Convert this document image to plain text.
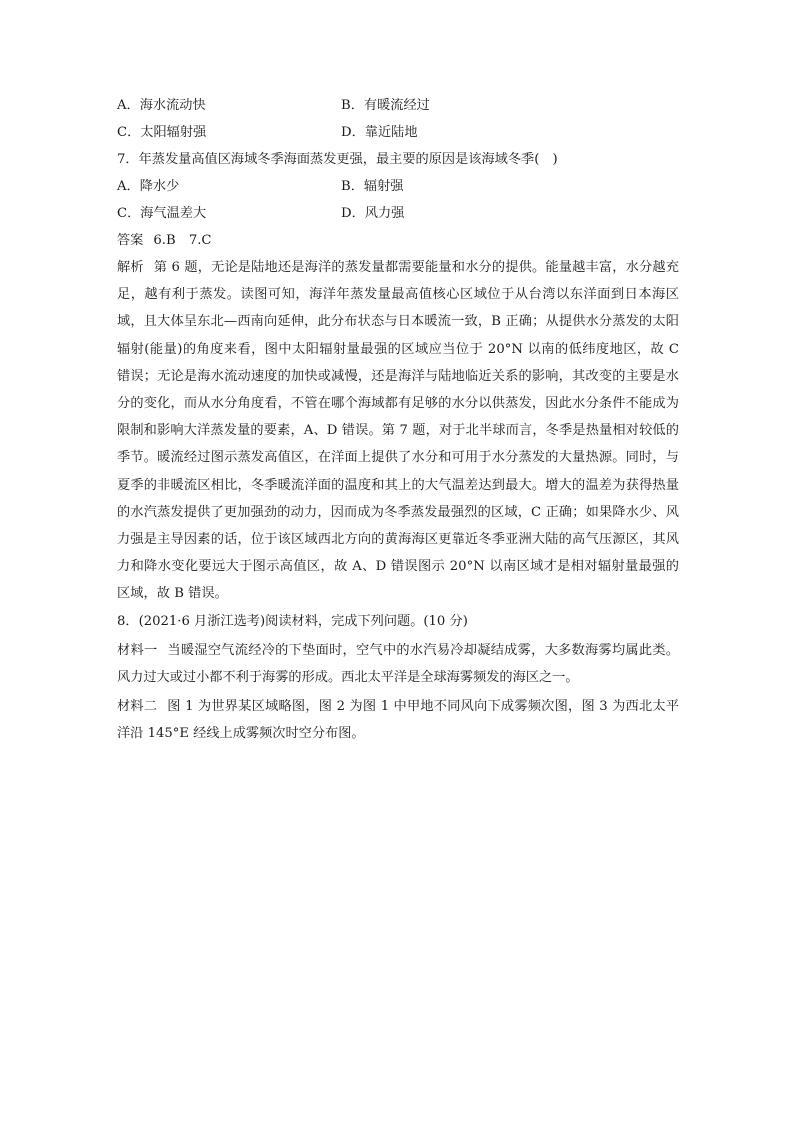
A．海水流动快	B．有暖流经过
C．太阳辐射强	D．靠近陆地
7．年蒸发量高值区海域冬季海面蒸发更强，最主要的原因是该海域冬季(　)
A．降水少	B．辐射强
C．海气温差大	D．风力强
答案 6.B　7.C
解析 第 6 题，无论是陆地还是海洋的蒸发量都需要能量和水分的提供。能量越丰富，水分越充足，越有利于蒸发。读图可知，海洋年蒸发量最高值核心区域位于从台湾以东洋面到日本海区域，且大体呈东北—西南向延伸，此分布状态与日本暖流一致，B 正确；从提供水分蒸发的太阳辐射(能量)的角度来看，图中太阳辐射量最强的区域应当位于 20°N 以南的低纬度地区，故 C 错误；无论是海水流动速度的加快或减慢，还是海洋与陆地临近关系的影响，其改变的主要是水分的变化，而从水分角度看，不管在哪个海域都有足够的水分以供蒸发，因此水分条件不能成为限制和影响大洋蒸发量的要素，A、D 错误。第 7 题，对于北半球而言，冬季是热量相对较低的季节。暖流经过图示蒸发高值区，在洋面上提供了水分和可用于水分蒸发的大量热源。同时，与夏季的非暖流区相比，冬季暖流洋面的温度和其上的大气温差达到最大。增大的温差为获得热量的水汽蒸发提供了更加强劲的动力，因而成为冬季蒸发最强烈的区域，C 正确；如果降水少、风力强是主导因素的话，位于该区域西北方向的黄海海区更靠近冬季亚洲大陆的高气压源区，其风力和降水变化要远大于图示高值区，故 A、D 错误图示 20°N 以南区域才是相对辐射量最强的区域，故 B 错误。
8．(2021·6 月浙江选考)阅读材料，完成下列问题。(10 分)
材料一 当暖湿空气流经冷的下垫面时，空气中的水汽易冷却凝结成雾，大多数海雾均属此类。风力过大或过小都不利于海雾的形成。西北太平洋是全球海雾频发的海区之一。
材料二 图 1 为世界某区域略图，图 2 为图 1 中甲地不同风向下成雾频次图，图 3 为西北太平洋沿 145°E 经线上成雾频次时空分布图。
